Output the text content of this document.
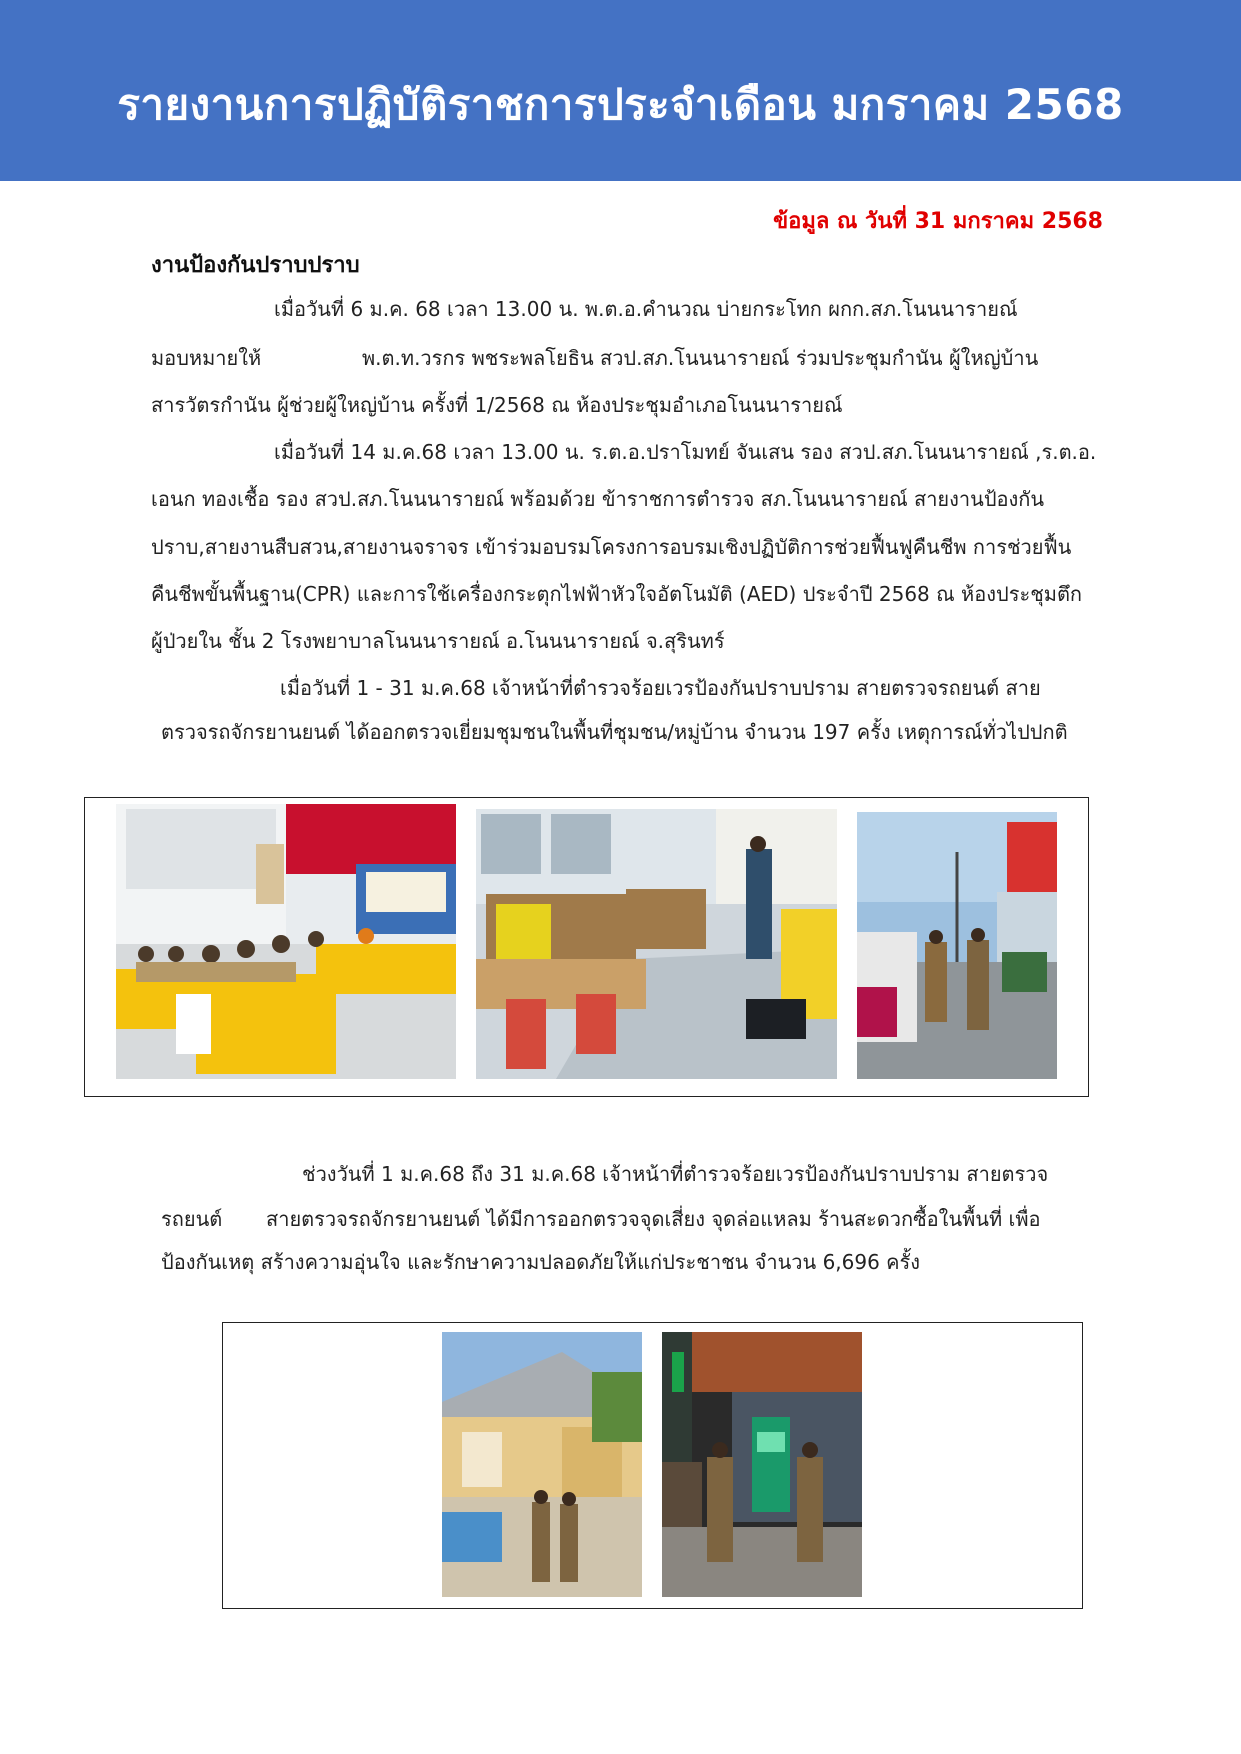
รายงานการปฏิบัติราชการประจำเดือน มกราคม 2568
ข้อมูล ณ วันที่ 31 มกราคม 2568
งานป้องกันปราบปราบ
เมื่อวันที่ 6 ม.ค. 68 เวลา 13.00 น. พ.ต.อ.คำนวณ บ่ายกระโทก ผกก.สภ.โนนนารายณ์
มอบหมายให้	พ.ต.ท.วรกร พชระพลโยธิน สวป.สภ.โนนนารายณ์ ร่วมประชุมกำนัน ผู้ใหญ่บ้าน
สารวัตรกำนัน ผู้ช่วยผู้ใหญ่บ้าน ครั้งที่ 1/2568 ณ ห้องประชุมอำเภอโนนนารายณ์
เมื่อวันที่ 14 ม.ค.68 เวลา 13.00 น. ร.ต.อ.ปราโมทย์ จันเสน รอง สวป.สภ.โนนนารายณ์ ,ร.ต.อ.
เอนก ทองเชื้อ รอง สวป.สภ.โนนนารายณ์ พร้อมด้วย ข้าราชการตำรวจ สภ.โนนนารายณ์ สายงานป้องกัน
ปราบ,สายงานสืบสวน,สายงานจราจร เข้าร่วมอบรมโครงการอบรมเชิงปฏิบัติการช่วยฟื้นฟูคืนชีพ การช่วยฟื้น
คืนชีพขั้นพื้นฐาน(CPR) และการใช้เครื่องกระตุกไฟฟ้าหัวใจอัตโนมัติ (AED) ประจำปี 2568 ณ ห้องประชุมตึก
ผู้ป่วยใน ชั้น 2 โรงพยาบาลโนนนารายณ์ อ.โนนนารายณ์ จ.สุรินทร์
เมื่อวันที่ 1 - 31 ม.ค.68 เจ้าหน้าที่ตำรวจร้อยเวรป้องกันปราบปราม สายตรวจรถยนต์ สาย
ตรวจรถจักรยานยนต์ ได้ออกตรวจเยี่ยมชุมชนในพื้นที่ชุมชน/หมู่บ้าน จำนวน 197 ครั้ง เหตุการณ์ทั่วไปปกติ
ช่วงวันที่ 1 ม.ค.68 ถึง 31 ม.ค.68 เจ้าหน้าที่ตำรวจร้อยเวรป้องกันปราบปราม สายตรวจ
รถยนต์ สายตรวจรถจักรยานยนต์ ได้มีการออกตรวจจุดเสี่ยง จุดล่อแหลม ร้านสะดวกซื้อในพื้นที่ เพื่อ
ป้องกันเหตุ สร้างความอุ่นใจ และรักษาความปลอดภัยให้แก่ประชาชน จำนวน 6,696 ครั้ง
